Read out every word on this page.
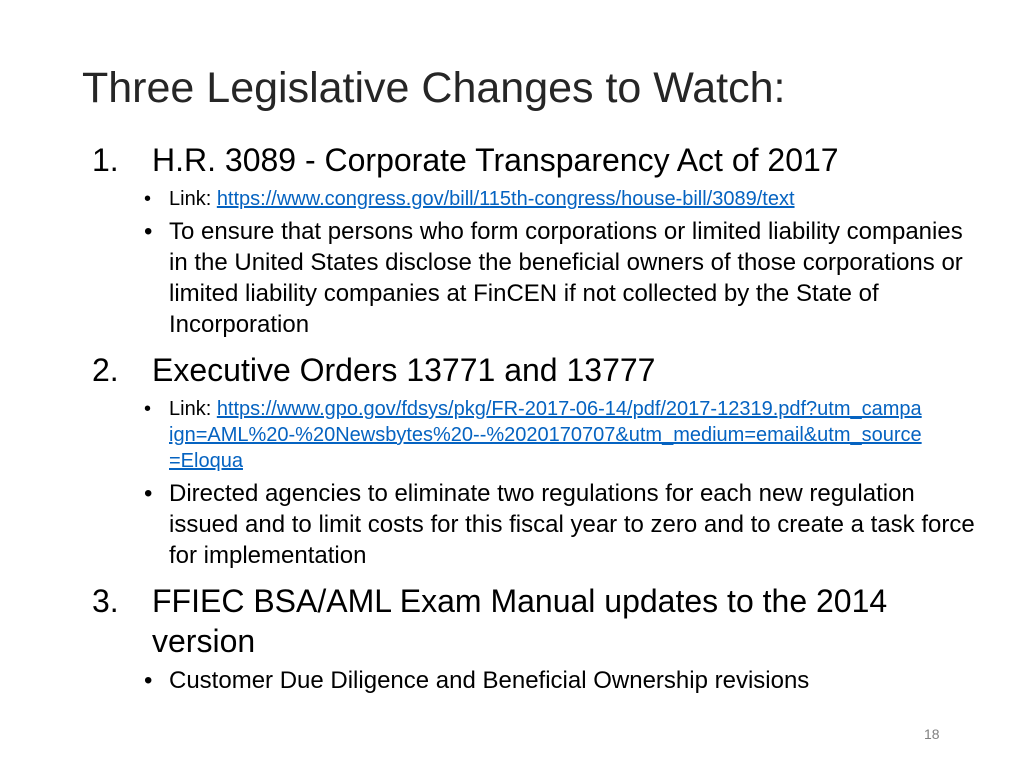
Three Legislative Changes to Watch:
1. H.R. 3089 - Corporate Transparency Act of 2017
• Link: https://www.congress.gov/bill/115th-congress/house-bill/3089/text
• To ensure that persons who form corporations or limited liability companies in the United States disclose the beneficial owners of those corporations or limited liability companies at FinCEN if not collected by the State of Incorporation
2. Executive Orders 13771 and 13777
• Link: https://www.gpo.gov/fdsys/pkg/FR-2017-06-14/pdf/2017-12319.pdf?utm_campaign=AML%20-%20Newsbytes%20--%2020170707&utm_medium=email&utm_source=Eloqua
• Directed agencies to eliminate two regulations for each new regulation issued and to limit costs for this fiscal year to zero and to create a task force for implementation
3. FFIEC BSA/AML Exam Manual updates to the 2014 version
• Customer Due Diligence and Beneficial Ownership revisions
18
